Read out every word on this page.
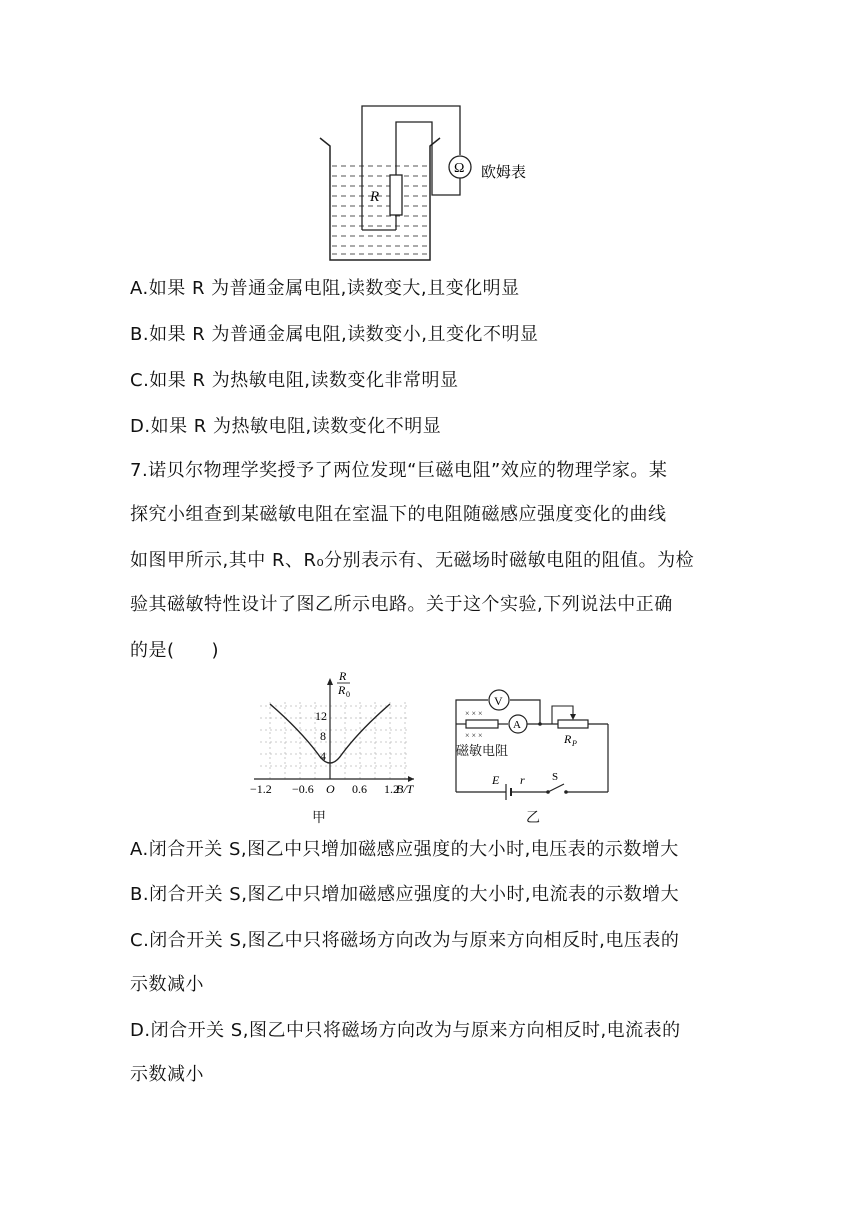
R
Ω 欧姆表
A.如果 R 为普通金属电阻,读数变大,且变化明显
B.如果 R 为普通金属电阻,读数变小,且变化不明显
C.如果 R 为热敏电阻,读数变化非常明显
D.如果 R 为热敏电阻,读数变化不明显
7.诺贝尔物理学奖授予了两位发现“巨磁电阻”效应的物理学家。某
探究小组查到某磁敏电阻在室温下的电阻随磁感应强度变化的曲线
如图甲所示,其中 R、R₀分别表示有、无磁场时磁敏电阻的阻值。为检
验其磁敏特性设计了图乙所示电路。关于这个实验,下列说法中正确
的是(　　)
R
R 0
12
8
4
−1.2 −0.6 O 0.6 1.2
B/T
甲
V
× × ×
× × ×
A
R P
E r S
磁敏电阻
乙
A.闭合开关 S,图乙中只增加磁感应强度的大小时,电压表的示数增大
B.闭合开关 S,图乙中只增加磁感应强度的大小时,电流表的示数增大
C.闭合开关 S,图乙中只将磁场方向改为与原来方向相反时,电压表的
示数减小
D.闭合开关 S,图乙中只将磁场方向改为与原来方向相反时,电流表的
示数减小
